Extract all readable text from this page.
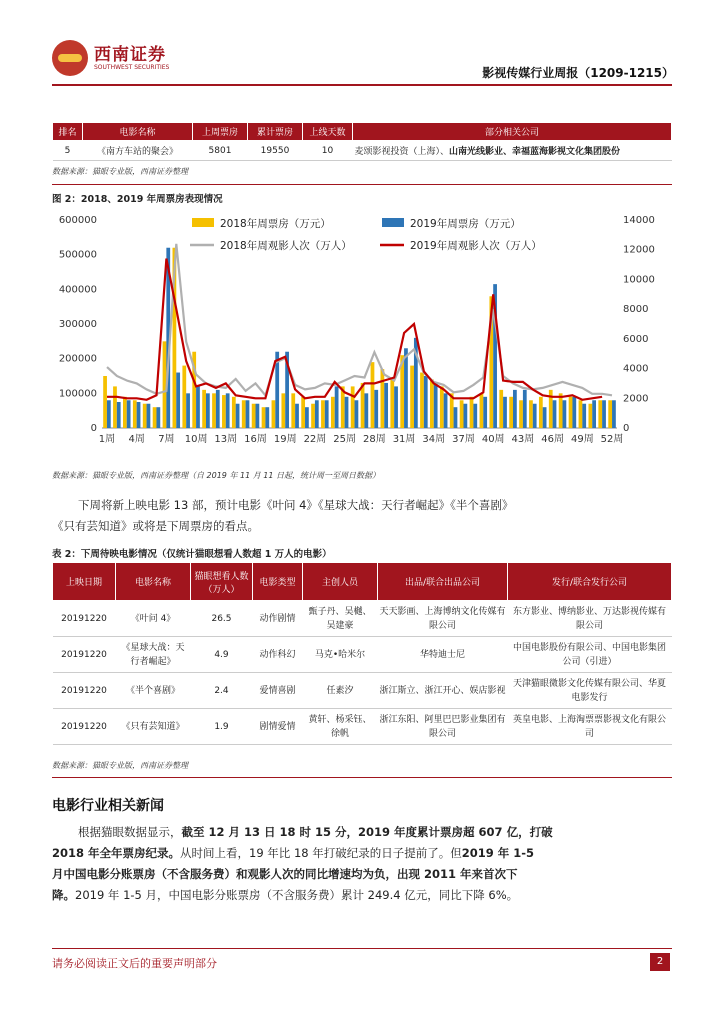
西南证券
SOUTHWEST SECURITIES	影视传媒行业周报（1209-1215）
排名	电影名称	上周票房	累计票房	上线天数	部分相关公司
5	《南方车站的聚会》	5801	19550	10	麦颂影视投资（上海）、山南光线影业、幸福蓝海影视文化集团股份
数据来源：猫眼专业版，西南证券整理
图 2：2018、2019 年周票房表现情况
0
100000
200000
300000
400000
500000
600000
0
2000
4000
6000
8000
10000
12000
14000
1周 4周 7周 10周 13周 16周 19周 22周 25周 28周 31周 34周 37周 40周 43周 46周 49周 52周
2018年周票房（万元）	2019年周票房（万元）
2018年周观影人次（万人）	2019年周观影人次（万人）
数据来源：猫眼专业版，西南证券整理（自 2019 年 11 月 11 日起，统计周一至周日数据）
下周将新上映电影 13 部，预计电影《叶问 4》《星球大战：天行者崛起》《半个喜剧》
《只有芸知道》或将是下周票房的看点。
表 2：下周待映电影情况（仅统计猫眼想看人数超 1 万人的电影）
上映日期	电影名称	猫眼想看人数（万人）	电影类型	主创人员	出品/联合出品公司	发行/联合发行公司
20191220	《叶问 4》	26.5	动作剧情	甄子丹、吴樾、吴建豪	天天影画、上海博纳文化传媒有限公司	东方影业、博纳影业、万达影视传媒有限公司
20191220	《星球大战：天行者崛起》	4.9	动作科幻	马克•哈米尔	华特迪士尼	中国电影股份有限公司、中国电影集团公司（引进）
20191220	《半个喜剧》	2.4	爱情喜剧	任素汐	浙江斯立、浙江开心、娱店影视	天津猫眼微影文化传媒有限公司、华夏电影发行
20191220	《只有芸知道》	1.9	剧情爱情	黄轩、杨采钰、徐帆	浙江东阳、阿里巴巴影业集团有限公司	英皇电影、上海淘票票影视文化有限公司
数据来源：猫眼专业版，西南证券整理
电影行业相关新闻
根据猫眼数据显示，截至 12 月 13 日 18 时 15 分，2019 年度累计票房超 607 亿，打破
2018 年全年票房纪录。从时间上看，19 年比 18 年打破纪录的日子提前了。但2019 年 1-5
月中国电影分账票房（不含服务费）和观影人次的同比增速均为负，出现 2011 年来首次下
降。2019 年 1-5 月，中国电影分账票房（不含服务费）累计 249.4 亿元，同比下降 6%。
请务必阅读正文后的重要声明部分	2
